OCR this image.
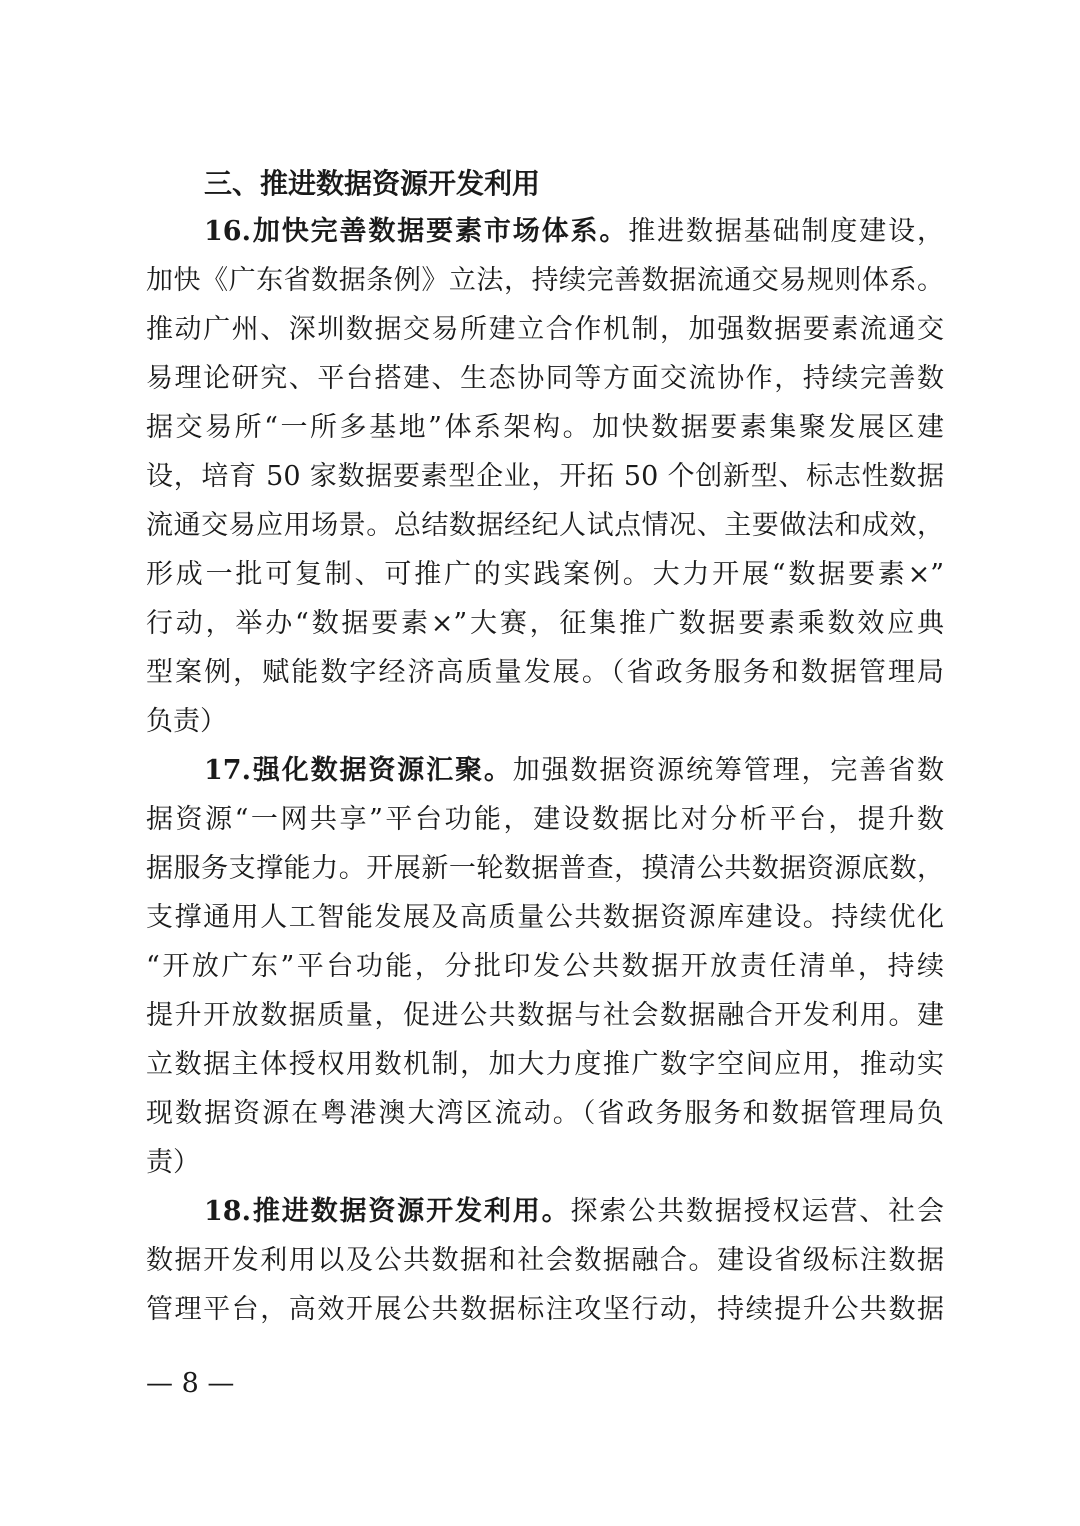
三、推进数据资源开发利用
16.加快完善数据要素市场体系。推进数据基础制度建设，
加快《广东省数据条例》立法，持续完善数据流通交易规则体系。
推动广州、深圳数据交易所建立合作机制，加强数据要素流通交
易理论研究、平台搭建、生态协同等方面交流协作，持续完善数
据交易所“一所多基地”体系架构。加快数据要素集聚发展区建
设，培育 50 家数据要素型企业，开拓 50 个创新型、标志性数据
流通交易应用场景。总结数据经纪人试点情况、主要做法和成效，
形成一批可复制、可推广的实践案例。大力开展“数据要素×”
行动，举办“数据要素×”大赛，征集推广数据要素乘数效应典
型案例，赋能数字经济高质量发展。（省政务服务和数据管理局
负责）
17.强化数据资源汇聚。加强数据资源统筹管理，完善省数
据资源“一网共享”平台功能，建设数据比对分析平台，提升数
据服务支撑能力。开展新一轮数据普查，摸清公共数据资源底数，
支撑通用人工智能发展及高质量公共数据资源库建设。持续优化
“开放广东”平台功能，分批印发公共数据开放责任清单，持续
提升开放数据质量，促进公共数据与社会数据融合开发利用。建
立数据主体授权用数机制，加大力度推广数字空间应用，推动实
现数据资源在粤港澳大湾区流动。（省政务服务和数据管理局负
责）
18.推进数据资源开发利用。探索公共数据授权运营、社会
数据开发利用以及公共数据和社会数据融合。建设省级标注数据
管理平台，高效开展公共数据标注攻坚行动，持续提升公共数据
— 8 —
